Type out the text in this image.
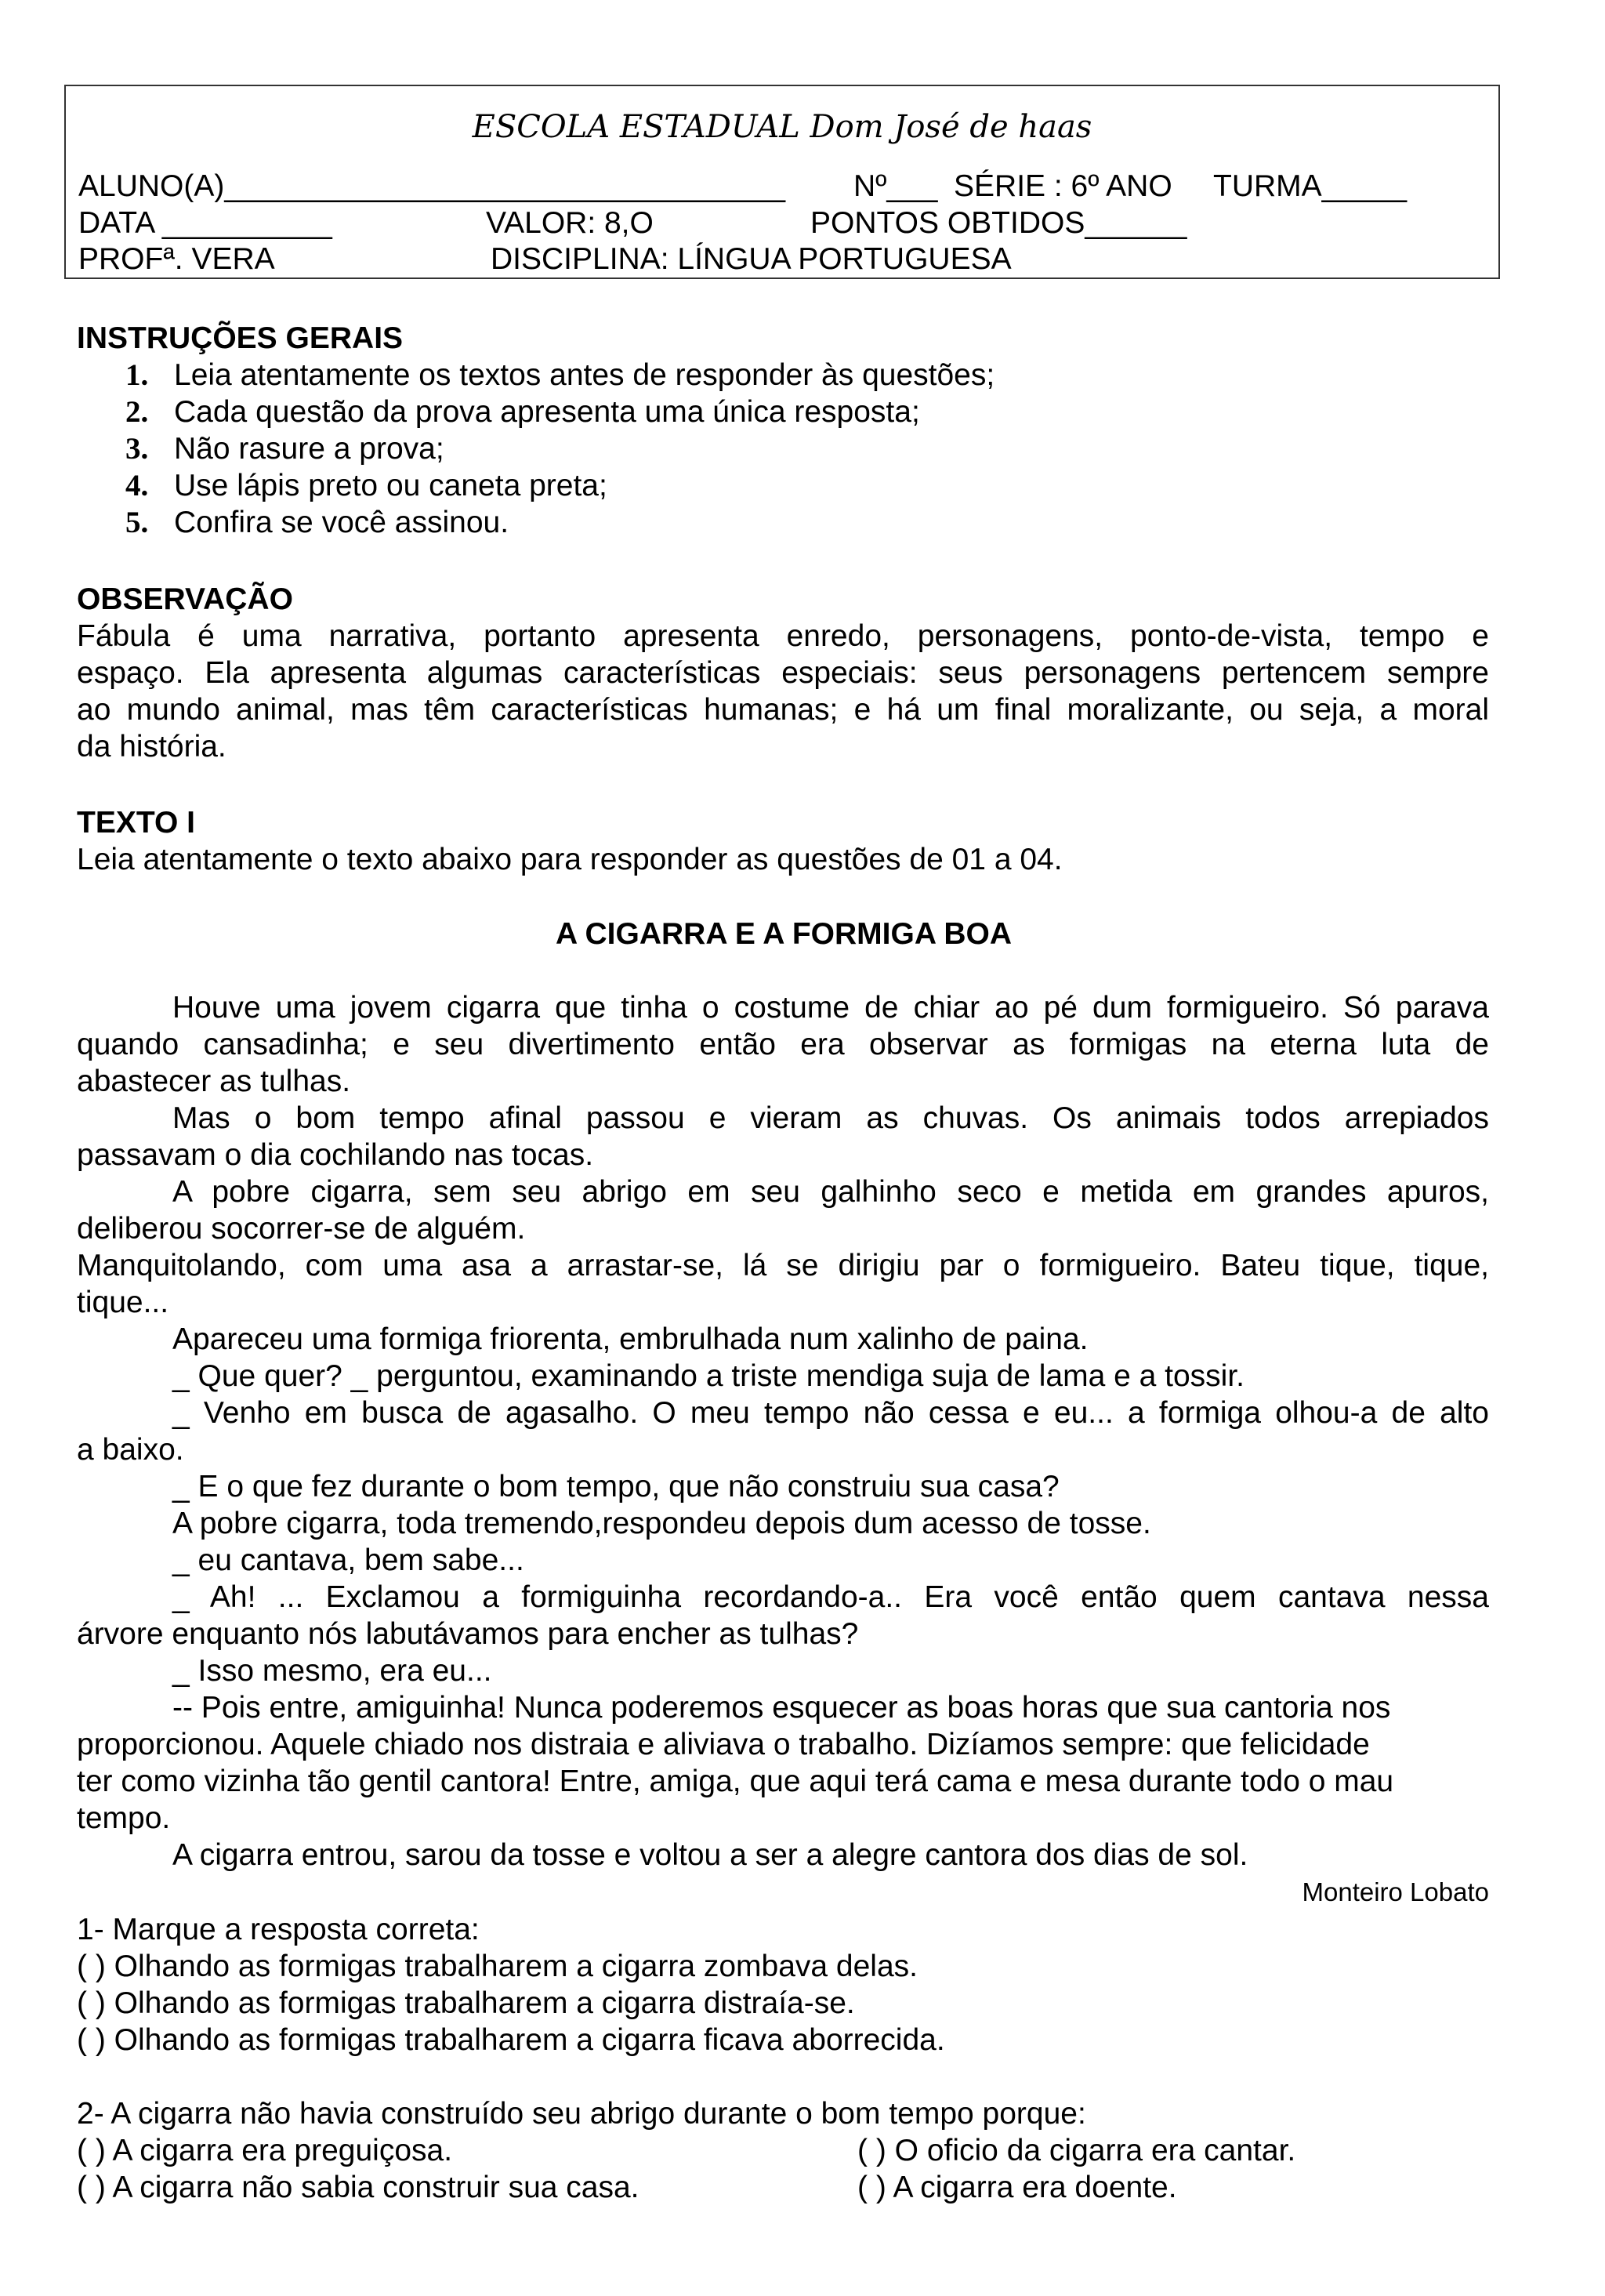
ESCOLA ESTADUAL Dom José de haas
ALUNO(A)_________________________________ Nº___ SÉRIE : 6º ANO TURMA_____
DATA __________	VALOR: 8,O	PONTOS OBTIDOS______
PROFª. VERA	DISCIPLINA: LÍNGUA PORTUGUESA
INSTRUÇÕES GERAIS
1. Leia atentamente os textos antes de responder às questões;
2. Cada questão da prova apresenta uma única resposta;
3. Não rasure a prova;
4. Use lápis preto ou caneta preta;
5. Confira se você assinou.
OBSERVAÇÃO
Fábula é uma narrativa, portanto apresenta enredo, personagens, ponto-de-vista, tempo e
espaço. Ela apresenta algumas características especiais: seus personagens pertencem sempre
ao mundo animal, mas têm características humanas; e há um final moralizante, ou seja, a moral
da história.
TEXTO I
Leia atentamente o texto abaixo para responder as questões de 01 a 04.
A CIGARRA E A FORMIGA BOA
Houve uma jovem cigarra que tinha o costume de chiar ao pé dum formigueiro. Só parava
quando cansadinha; e seu divertimento então era observar as formigas na eterna luta de
abastecer as tulhas.
Mas o bom tempo afinal passou e vieram as chuvas. Os animais todos arrepiados
passavam o dia cochilando nas tocas.
A pobre cigarra, sem seu abrigo em seu galhinho seco e metida em grandes apuros,
deliberou socorrer-se de alguém.
Manquitolando, com uma asa a arrastar-se, lá se dirigiu par o formigueiro. Bateu tique, tique,
tique...
Apareceu uma formiga friorenta, embrulhada num xalinho de paina.
_ Que quer? _ perguntou, examinando a triste mendiga suja de lama e a tossir.
_ Venho em busca de agasalho. O meu tempo não cessa e eu... a formiga olhou-a de alto
a baixo.
_ E o que fez durante o bom tempo, que não construiu sua casa?
A pobre cigarra, toda tremendo,respondeu depois dum acesso de tosse.
_ eu cantava, bem sabe...
_ Ah! ... Exclamou a formiguinha recordando-a.. Era você então quem cantava nessa
árvore enquanto nós labutávamos para encher as tulhas?
_ Isso mesmo, era eu...
-- Pois entre, amiguinha! Nunca poderemos esquecer as boas horas que sua cantoria nos
proporcionou. Aquele chiado nos distraia e aliviava o trabalho. Dizíamos sempre: que felicidade
ter como vizinha tão gentil cantora! Entre, amiga, que aqui terá cama e mesa durante todo o mau
tempo.
A cigarra entrou, sarou da tosse e voltou a ser a alegre cantora dos dias de sol.
Monteiro Lobato
1- Marque a resposta correta:
( ) Olhando as formigas trabalharem a cigarra zombava delas.
( ) Olhando as formigas trabalharem a cigarra distraía-se.
( ) Olhando as formigas trabalharem a cigarra ficava aborrecida.
2- A cigarra não havia construído seu abrigo durante o bom tempo porque:
( ) A cigarra era preguiçosa.	( ) O oficio da cigarra era cantar.
( ) A cigarra não sabia construir sua casa.	( ) A cigarra era doente.
